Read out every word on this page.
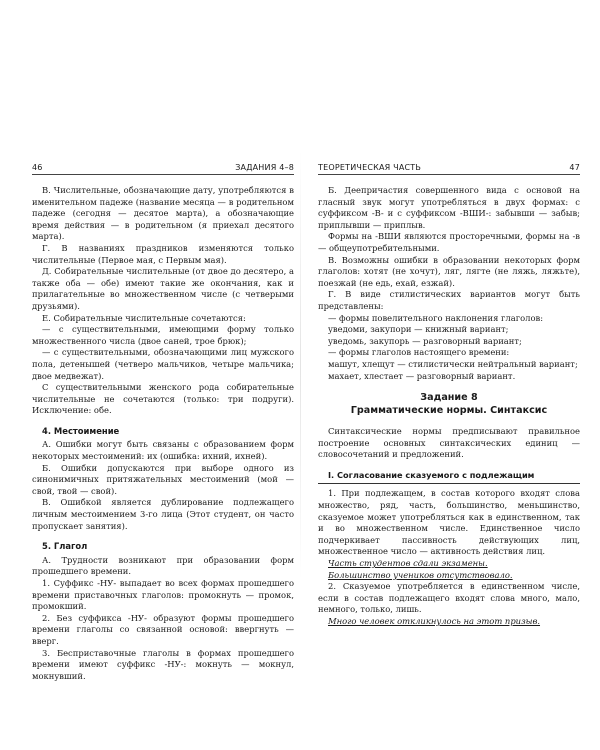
46	ЗАДАНИЯ 4–8

В. Числительные, обозначающие дату, употребляются в именительном падеже (название месяца — в родительном падеже (сегодня — десятое марта), а обозначающие время действия — в родительном (я приехал десятого марта).

Г. В названиях праздников изменяются только числительные (Первое мая, с Первым мая).

Д. Собирательные числительные (от двое до десятеро, а также оба — обе) имеют такие же окончания, как и прилагательные во множественном числе (с четверыми друзьями).

Е. Собирательные числительные сочетаются:

— с существительными, имеющими форму только множественного числа (двое саней, трое брюк);

— с существительными, обозначающими лиц мужского пола, детенышей (четверо мальчиков, четыре мальчика; двое медвежат).

С существительными женского рода собирательные числительные не сочетаются (только: три подруги). Исключение: обе.

4. Местоимение

А. Ошибки могут быть связаны с образованием форм некоторых местоимений: их (ошибка: ихний, ихней).

Б. Ошибки допускаются при выборе одного из синонимичных притяжательных местоимений (мой — свой, твой — свой).

В. Ошибкой является дублирование подлежащего личным местоимением 3-го лица (Этот студент, он часто пропускает занятия).

5. Глагол

А. Трудности возникают при образовании форм прошедшего времени.

1. Суффикс -НУ- выпадает во всех формах прошедшего времени приставочных глаголов: промокнуть — промок, промокший.

2. Без суффикса -НУ- образуют формы прошедшего времени глаголы со связанной основой: ввергнуть — вверг.

3. Бесприставочные глаголы в формах прошедшего времени имеют суффикс -НУ-: мокнуть — мокнул, мокнувший.

ТЕОРЕТИЧЕСКАЯ ЧАСТЬ	47

Б. Деепричастия совершенного вида с основой на гласный звук могут употребляться в двух формах: с суффиксом -В- и с суффиксом -ВШИ-: забывши — забыв; приплывши — приплыв.

Формы на -ВШИ являются просторечными, формы на -в — общеупотребительными.

В. Возможны ошибки в образовании некоторых форм глаголов: хотят (не хочут), ляг, лягте (не ляжь, ляжьте), поезжай (не едь, ехай, езжай).

Г. В виде стилистических вариантов могут быть представлены:

— формы повелительного наклонения глаголов:

уведоми, закупори — книжный вариант;

уведомь, закупорь — разговорный вариант;

— формы глаголов настоящего времени:

машут, хлещут — стилистически нейтральный вариант;

махает, хлестает — разговорный вариант.

Задание 8
Грамматические нормы. Синтаксис

Синтаксические нормы предписывают правильное построение основных синтаксических единиц — словосочетаний и предложений.

I. Согласование сказуемого с подлежащим

1. При подлежащем, в состав которого входят слова множество, ряд, часть, большинство, меньшинство, сказуемое может употребляться как в единственном, так и во множественном числе. Единственное число подчеркивает пассивность действующих лиц, множественное число — активность действия лиц.

Часть студентов сдали экзамены.
Большинство учеников отсутствовало.

2. Сказуемое употребляется в единственном числе, если в состав подлежащего входят слова много, мало, немного, только, лишь.

Много человек откликнулось на этот призыв.
